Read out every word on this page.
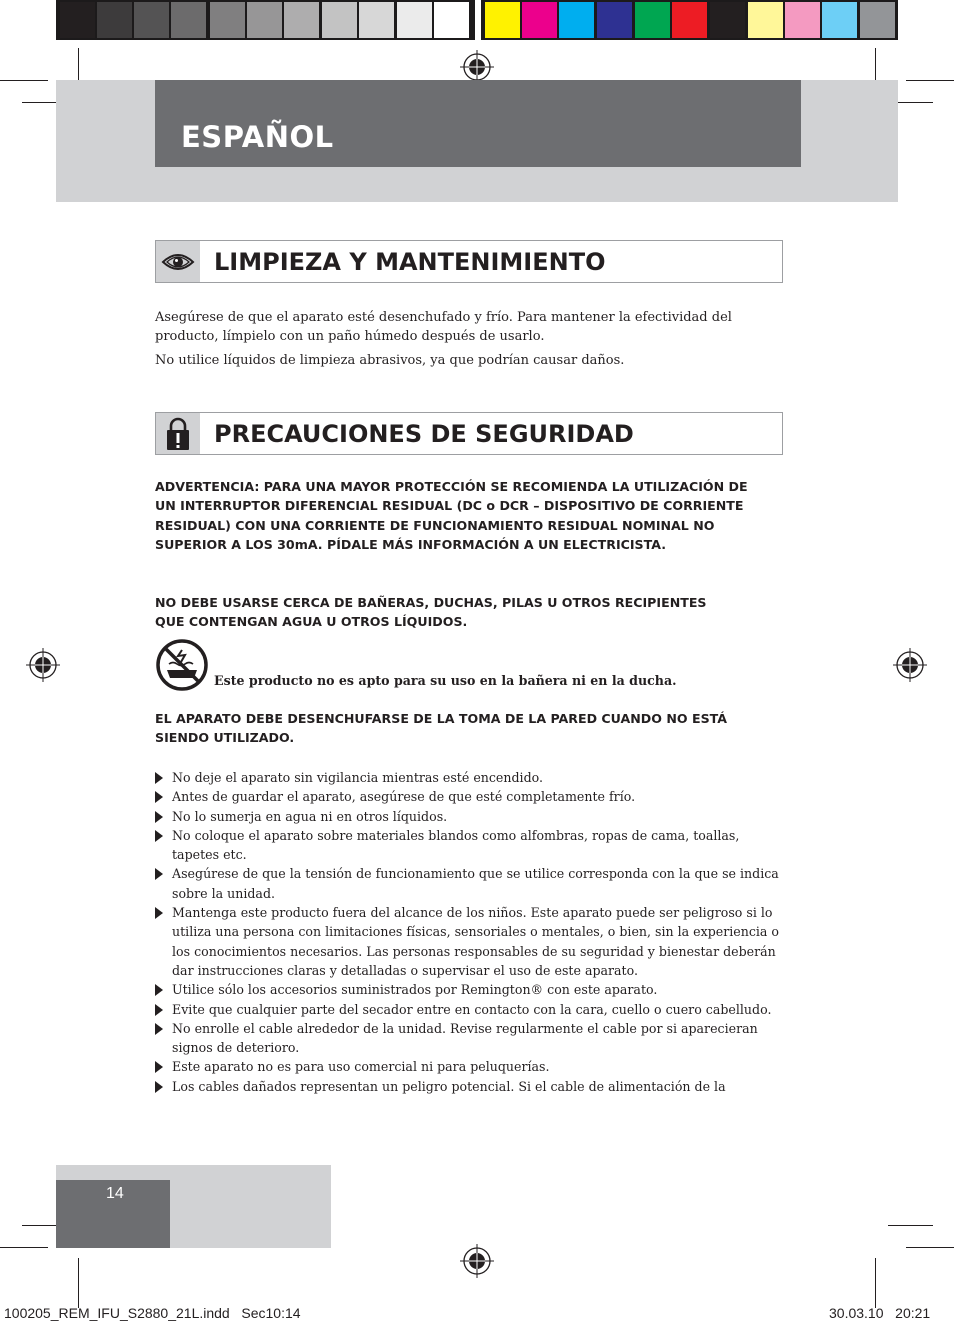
ESPAÑOL
LIMPIEZA Y MANTENIMIENTO

Asegúrese de que el aparato esté desenchufado y frío. Para mantener la efectividad del producto, límpielo con un paño húmedo después de usarlo.

No utilice líquidos de limpieza abrasivos, ya que podrían causar daños.

PRECAUCIONES DE SEGURIDAD

ADVERTENCIA: PARA UNA MAYOR PROTECCIÓN SE RECOMIENDA LA UTILIZACIÓN DE UN INTERRUPTOR DIFERENCIAL RESIDUAL (DC o DCR – DISPOSITIVO DE CORRIENTE RESIDUAL) CON UNA CORRIENTE DE FUNCIONAMIENTO RESIDUAL NOMINAL NO SUPERIOR A LOS 30mA. PÍDALE MÁS INFORMACIÓN A UN ELECTRICISTA.

NO DEBE USARSE CERCA DE BAÑERAS, DUCHAS, PILAS U OTROS RECIPIENTES QUE CONTENGAN AGUA U OTROS LÍQUIDOS.

Este producto no es apto para su uso en la bañera ni en la ducha.

EL APARATO DEBE DESENCHUFARSE DE LA TOMA DE LA PARED CUANDO NO ESTÁ SIENDO UTILIZADO.

No deje el aparato sin vigilancia mientras esté encendido.
Antes de guardar el aparato, asegúrese de que esté completamente frío.
No lo sumerja en agua ni en otros líquidos.
No coloque el aparato sobre materiales blandos como alfombras, ropas de cama, toallas, tapetes etc.
Asegúrese de que la tensión de funcionamiento que se utilice corresponda con la que se indica sobre la unidad.
Mantenga este producto fuera del alcance de los niños. Este aparato puede ser peligroso si lo utiliza una persona con limitaciones físicas, sensoriales o mentales, o bien, sin la experiencia o los conocimientos necesarios. Las personas responsables de su seguridad y bienestar deberán dar instrucciones claras y detalladas o supervisar el uso de este aparato.
Utilice sólo los accesorios suministrados por Remington® con este aparato.
Evite que cualquier parte del secador entre en contacto con la cara, cuello o cuero cabelludo.
No enrolle el cable alrededor de la unidad. Revise regularmente el cable por si aparecieran signos de deterioro.
Este aparato no es para uso comercial ni para peluquerías.
Los cables dañados representan un peligro potencial. Si el cable de alimentación de la
14
100205_REM_IFU_S2880_21L.indd   Sec10:14	30.03.10   20:21
